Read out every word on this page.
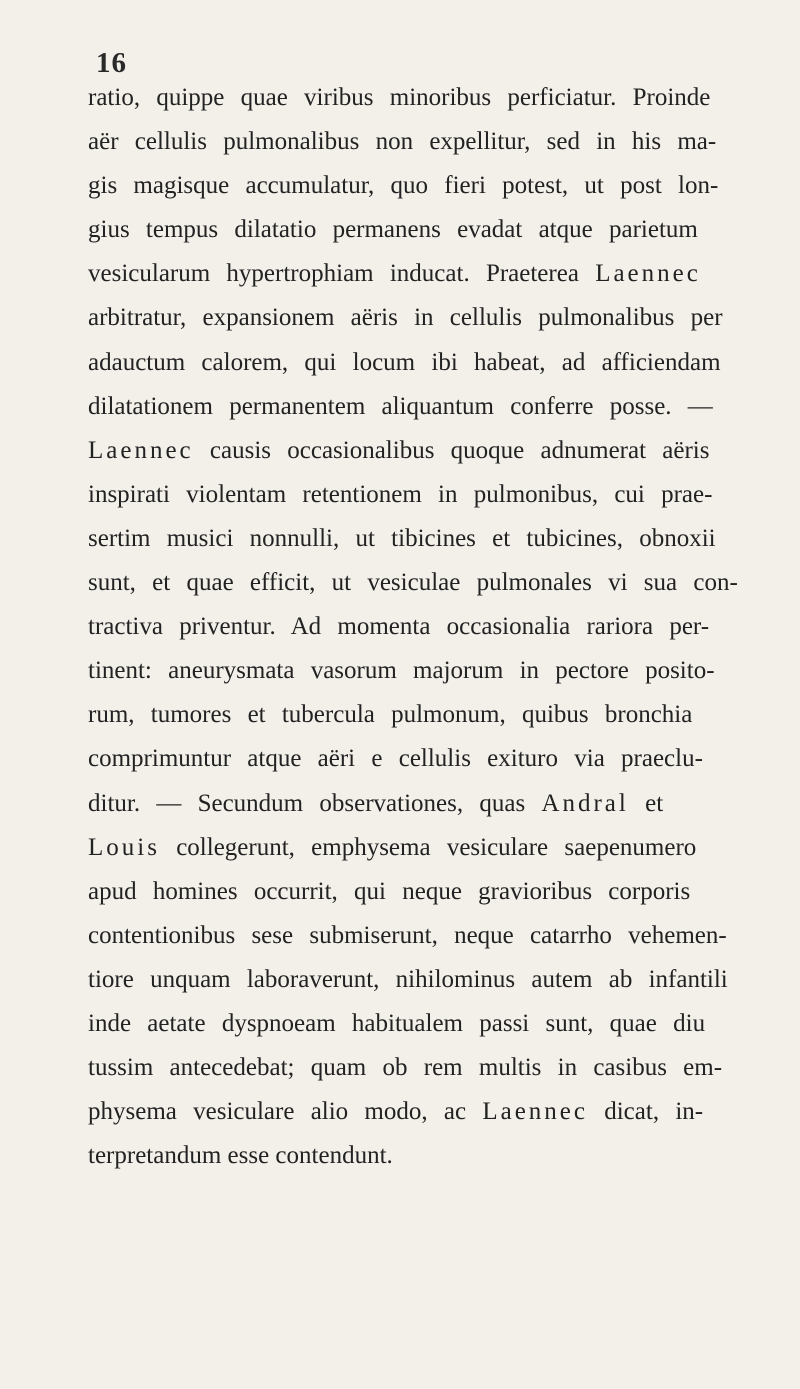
16
ratio, quippe quae viribus minoribus perficiatur. Proinde
aër cellulis pulmonalibus non expellitur, sed in his ma-
gis magisque accumulatur, quo fieri potest, ut post lon-
gius tempus dilatatio permanens evadat atque parietum
vesicularum hypertrophiam inducat. Praeterea Laennec
arbitratur, expansionem aëris in cellulis pulmonalibus per
adauctum calorem, qui locum ibi habeat, ad afficiendam
dilatationem permanentem aliquantum conferre posse. —
Laennec causis occasionalibus quoque adnumerat aëris
inspirati violentam retentionem in pulmonibus, cui prae-
sertim musici nonnulli, ut tibicines et tubicines, obnoxii
sunt, et quae efficit, ut vesiculae pulmonales vi sua con-
tractiva priventur. Ad momenta occasionalia rariora per-
tinent: aneurysmata vasorum majorum in pectore posito-
rum, tumores et tubercula pulmonum, quibus bronchia
comprimuntur atque aëri e cellulis exituro via praeclu-
ditur. — Secundum observationes, quas Andral et
Louis collegerunt, emphysema vesiculare saepenumero
apud homines occurrit, qui neque gravioribus corporis
contentionibus sese submiserunt, neque catarrho vehemen-
tiore unquam laboraverunt, nihilominus autem ab infantili
inde aetate dyspnoeam habitualem passi sunt, quae diu
tussim antecedebat; quam ob rem multis in casibus em-
physema vesiculare alio modo, ac Laennec dicat, in-
terpretandum esse contendunt.
